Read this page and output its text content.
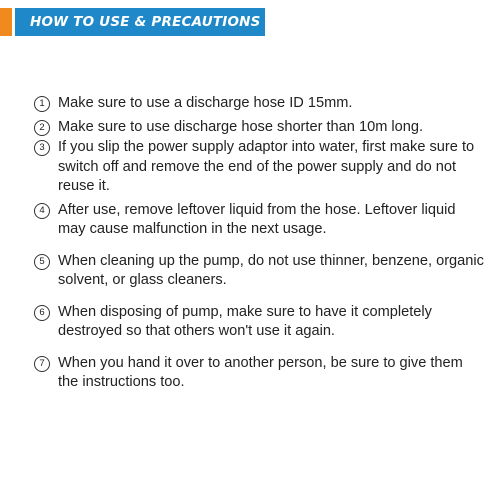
HOW TO USE & PRECAUTIONS
1 Make sure to use a discharge hose ID 15mm.
2 Make sure to use discharge hose shorter than 10m long.
3 If you slip the power supply adaptor into water, first make sure to switch off and remove the end of the power supply and do not reuse it.
4 After use, remove leftover liquid from the hose. Leftover liquid may cause malfunction in the next usage.
5 When cleaning up the pump, do not use thinner, benzene, organic solvent, or glass cleaners.
6 When disposing of pump, make sure to have it completely destroyed so that others won't use it again.
7 When you hand it over to another person, be sure to give them the instructions too.
